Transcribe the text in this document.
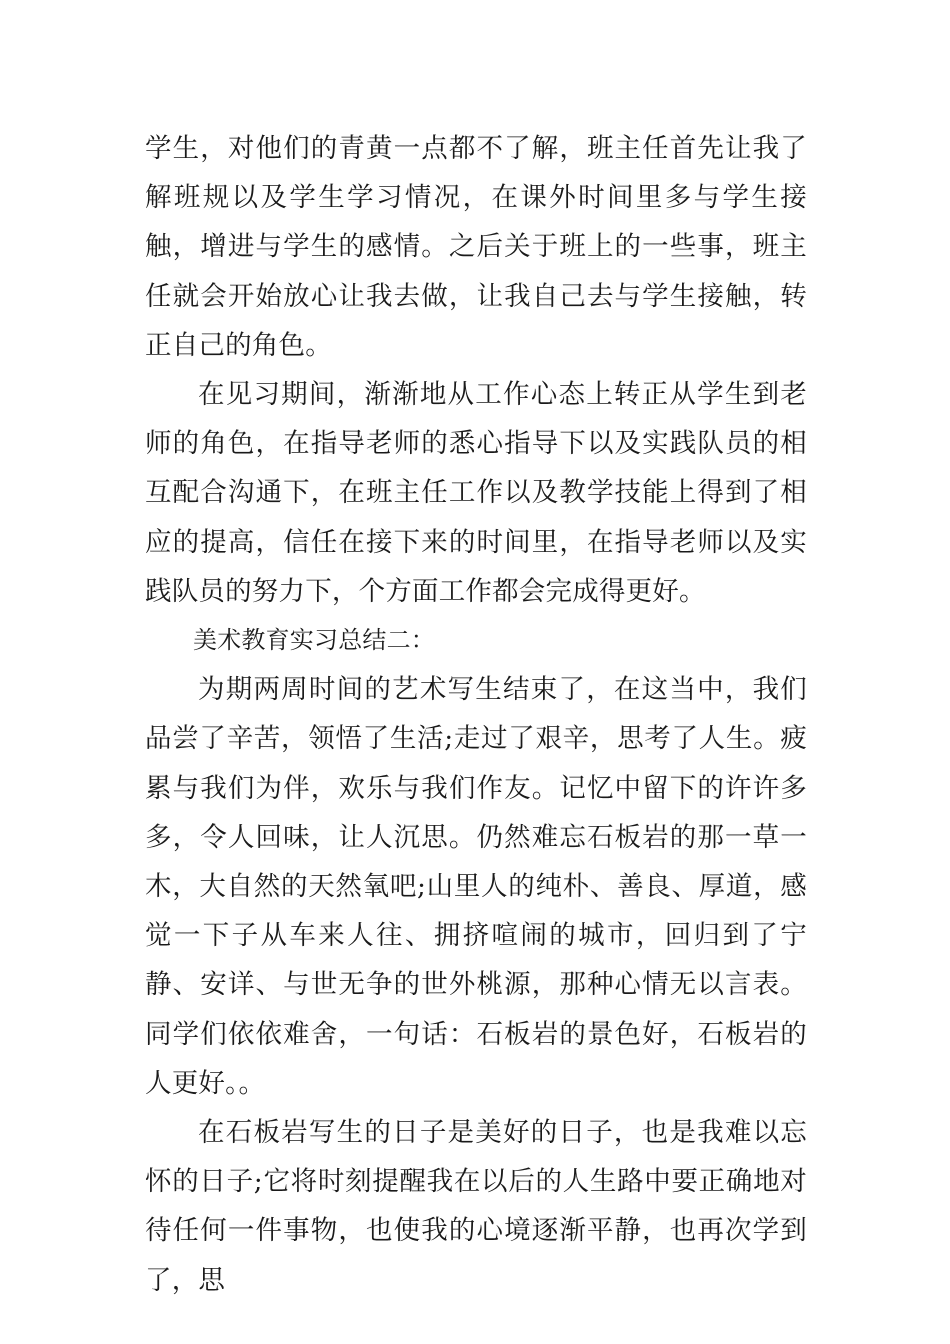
学生，对他们的青黄一点都不了解，班主任首先让我了解班规以及学生学习情况，在课外时间里多与学生接触，增进与学生的感情。之后关于班上的一些事，班主任就会开始放心让我去做，让我自己去与学生接触，转正自己的角色。

在见习期间，渐渐地从工作心态上转正从学生到老师的角色，在指导老师的悉心指导下以及实践队员的相互配合沟通下，在班主任工作以及教学技能上得到了相应的提高，信任在接下来的时间里，在指导老师以及实践队员的努力下，个方面工作都会完成得更好。

美术教育实习总结二：

为期两周时间的艺术写生结束了，在这当中，我们品尝了辛苦，领悟了生活;走过了艰辛，思考了人生。疲累与我们为伴，欢乐与我们作友。记忆中留下的许许多多，令人回味，让人沉思。仍然难忘石板岩的那一草一木，大自然的天然氧吧;山里人的纯朴、善良、厚道，感觉一下子从车来人往、拥挤喧闹的城市，回归到了宁静、安详、与世无争的世外桃源，那种心情无以言表。同学们依依难舍，一句话：石板岩的景色好，石板岩的人更好。。

在石板岩写生的日子是美好的日子，也是我难以忘怀的日子;它将时刻提醒我在以后的人生路中要正确地对待任何一件事物，也使我的心境逐渐平静，也再次学到了，思
